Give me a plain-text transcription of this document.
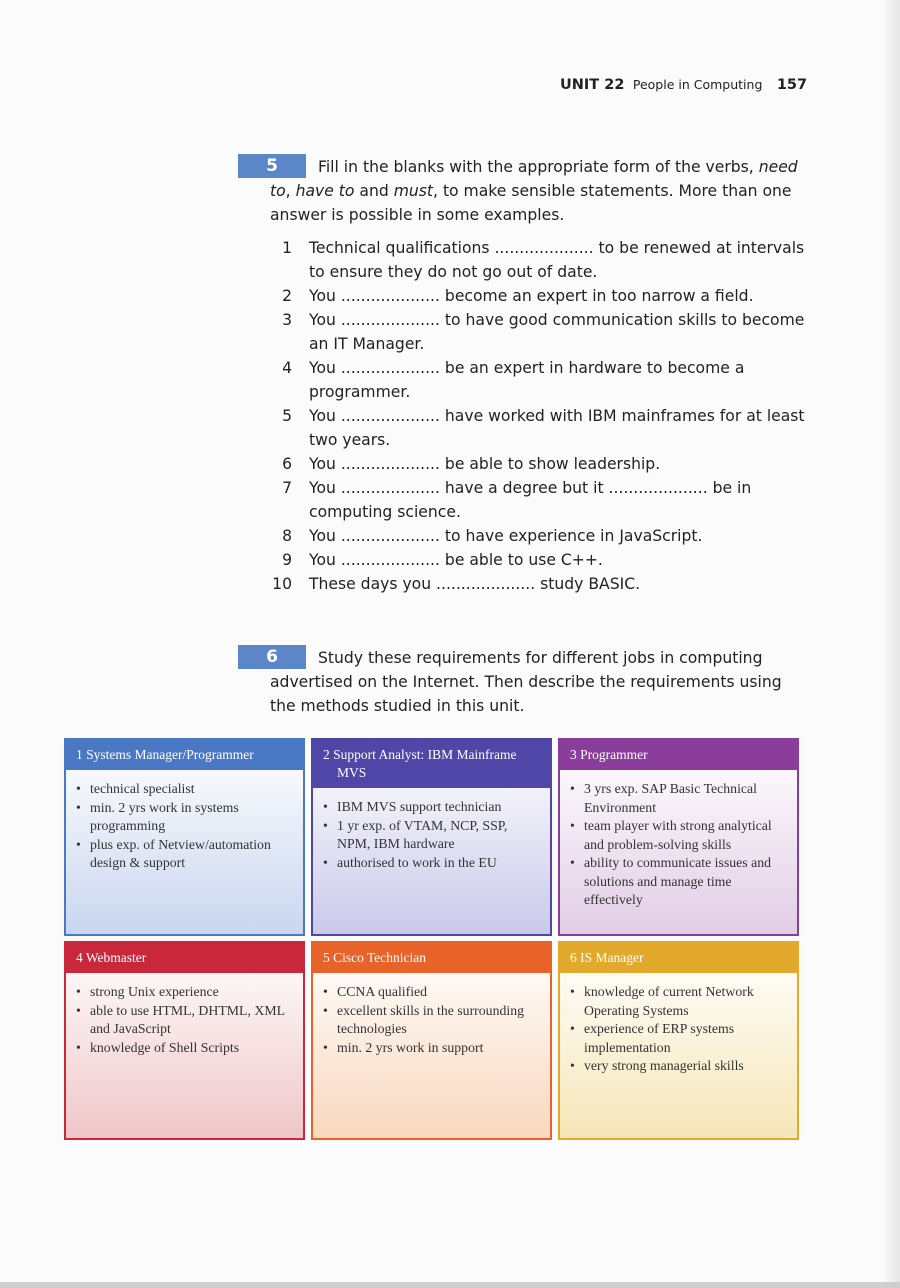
UNIT 22 People in Computing 157
5	Fill in the blanks with the appropriate form of the verbs, need to, have to and must, to make sensible statements. More than one answer is possible in some examples.
1 Technical qualifications .................... to be renewed at intervals to ensure they do not go out of date.
2 You .................... become an expert in too narrow a field.
3 You .................... to have good communication skills to become an IT Manager.
4 You .................... be an expert in hardware to become a programmer.
5 You .................... have worked with IBM mainframes for at least two years.
6 You .................... be able to show leadership.
7 You .................... have a degree but it .................... be in computing science.
8 You .................... to have experience in JavaScript.
9 You .................... be able to use C++.
10 These days you .................... study BASIC.
6	Study these requirements for different jobs in computing advertised on the Internet. Then describe the requirements using the methods studied in this unit.
1 Systems Manager/Programmer
• technical specialist
• min. 2 yrs work in systems programming
• plus exp. of Netview/automation design & support
2 Support Analyst: IBM Mainframe MVS
• IBM MVS support technician
• 1 yr exp. of VTAM, NCP, SSP, NPM, IBM hardware
• authorised to work in the EU
3 Programmer
• 3 yrs exp. SAP Basic Technical Environment
• team player with strong analytical and problem-solving skills
• ability to communicate issues and solutions and manage time effectively
4 Webmaster
• strong Unix experience
• able to use HTML, DHTML, XML and JavaScript
• knowledge of Shell Scripts
5 Cisco Technician
• CCNA qualified
• excellent skills in the surrounding technologies
• min. 2 yrs work in support
6 IS Manager
• knowledge of current Network Operating Systems
• experience of ERP systems implementation
• very strong managerial skills
